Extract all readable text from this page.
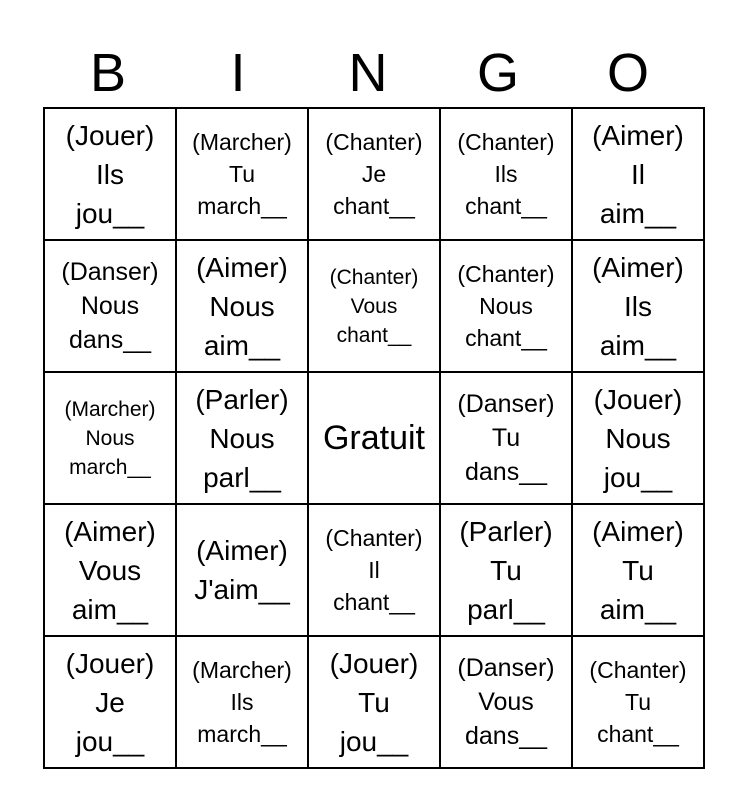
B	I	N	G	O
(Jouer)
Ils
jou__	(Marcher)
Tu
march__	(Chanter)
Je
chant__	(Chanter)
Ils
chant__	(Aimer)
Il
aim__

(Danser)
Nous
dans__	(Aimer)
Nous
aim__	(Chanter)
Vous
chant__	(Chanter)
Nous
chant__	(Aimer)
Ils
aim__

(Marcher)
Nous
march__	(Parler)
Nous
parl__	Gratuit	(Danser)
Tu
dans__	(Jouer)
Nous
jou__

(Aimer)
Vous
aim__	(Aimer)
J'aim__	(Chanter)
Il
chant__	(Parler)
Tu
parl__	(Aimer)
Tu
aim__

(Jouer)
Je
jou__	(Marcher)
Ils
march__	(Jouer)
Tu
jou__	(Danser)
Vous
dans__	(Chanter)
Tu
chant__
